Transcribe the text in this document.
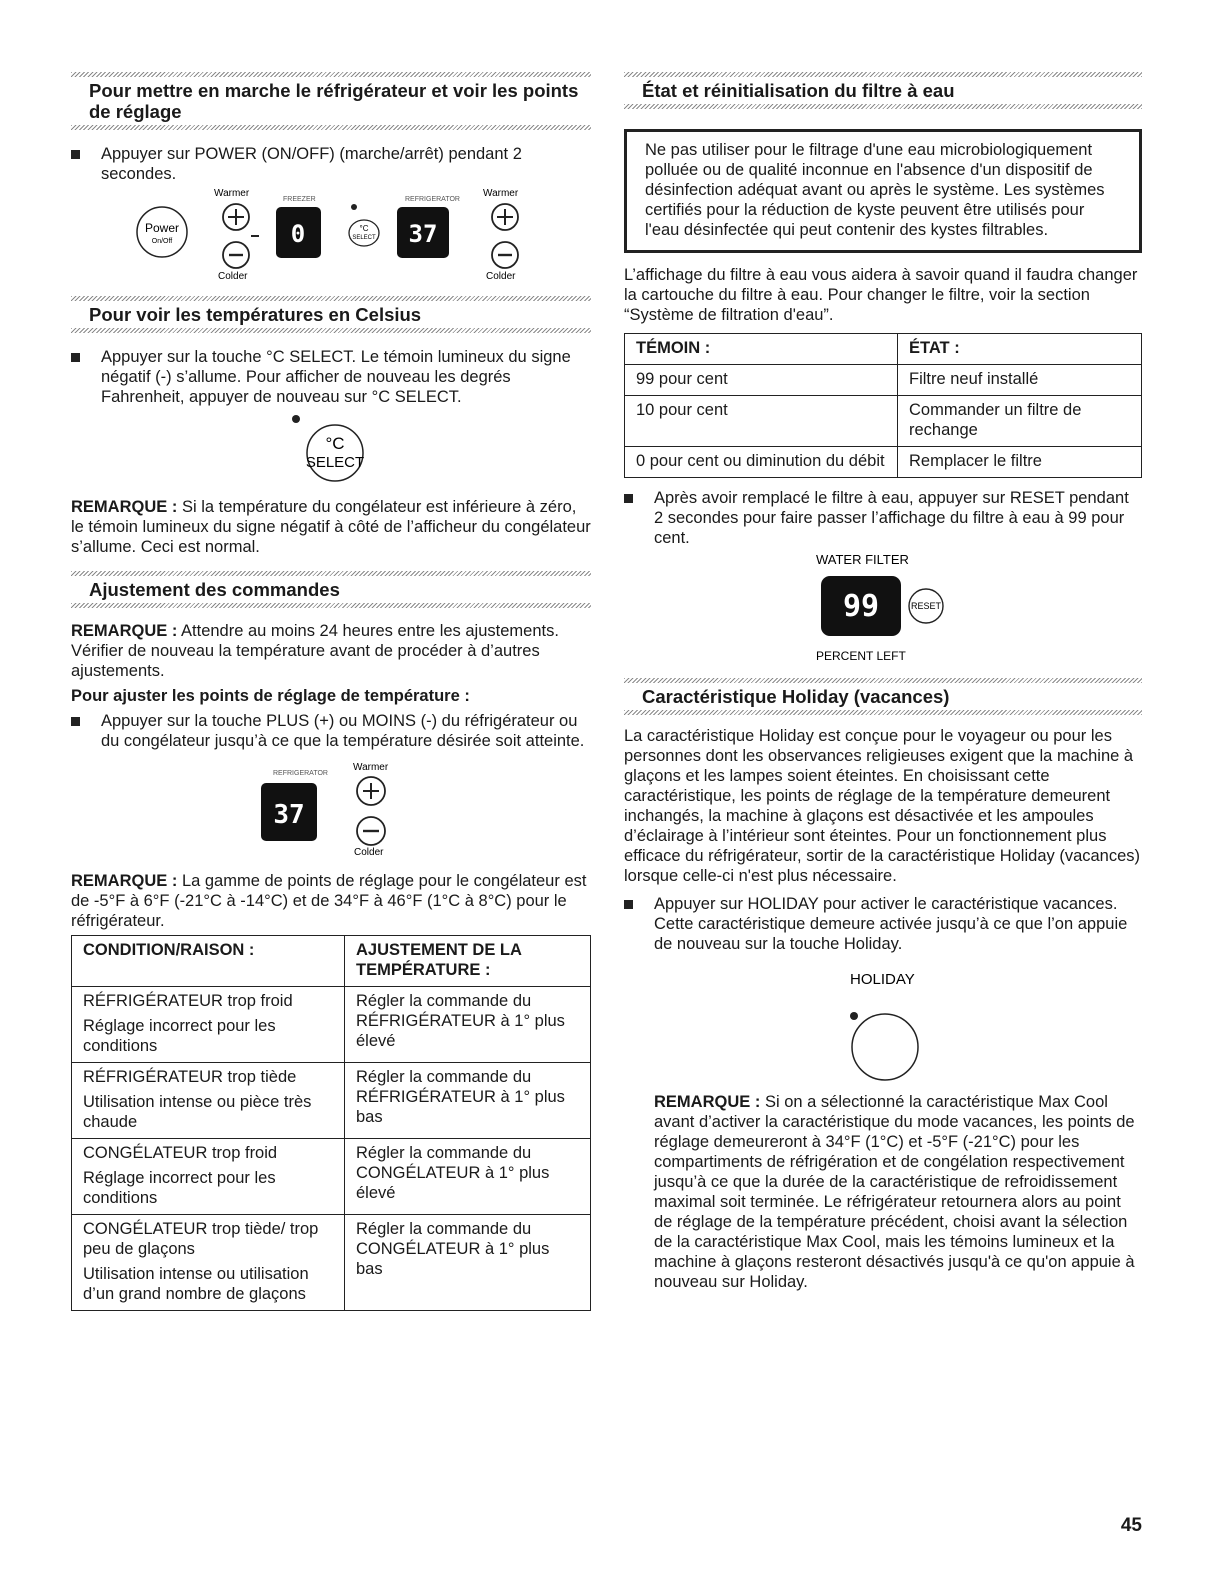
Pour mettre en marche le réfrigérateur et voir les points de réglage
Appuyer sur POWER (ON/OFF) (marche/arrêt) pendant 2 secondes.
Warmer
FREEZER	REFRIGERATOR
Warmer
Power
On/Off	0	°C
SELECT 37
Colder	Colder
Pour voir les températures en Celsius
Appuyer sur la touche °C SELECT. Le témoin lumineux du signe négatif (-) s’allume. Pour afficher de nouveau les degrés Fahrenheit, appuyer de nouveau sur °C SELECT.
°C
SELECT

REMARQUE : Si la température du congélateur est inférieure à zéro, le témoin lumineux du signe négatif à côté de l’afficheur du congélateur s’allume. Ceci est normal.

Ajustement des commandes

REMARQUE : Attendre au moins 24 heures entre les ajustements. Vérifier de nouveau la température avant de procéder à d’autres ajustements.

Pour ajuster les points de réglage de température :

Appuyer sur la touche PLUS (+) ou MOINS (-) du réfrigérateur ou du congélateur jusqu’à ce que la température désirée soit atteinte.
REFRIGERATOR
Warmer
37
Colder

REMARQUE : La gamme de points de réglage pour le congélateur est de -5°F à 6°F (-21°C à -14°C) et de 34°F à 46°F (1°C à 8°C) pour le réfrigérateur.

CONDITION/RAISON :	AJUSTEMENT DE LA TEMPÉRATURE :

RÉFRIGÉRATEUR trop froid

Réglage incorrect pour les conditions	Régler la commande du RÉFRIGÉRATEUR à 1° plus élevé

RÉFRIGÉRATEUR trop tiède

Utilisation intense ou pièce très chaude	Régler la commande du RÉFRIGÉRATEUR à 1° plus bas

CONGÉLATEUR trop froid

Réglage incorrect pour les conditions	Régler la commande du CONGÉLATEUR à 1° plus élevé

CONGÉLATEUR trop tiède/ trop peu de glaçons

Utilisation intense ou utilisation d’un grand nombre de glaçons	Régler la commande du CONGÉLATEUR à 1° plus bas
État et réinitialisation du filtre à eau
Ne pas utiliser pour le filtrage d'une eau microbiologiquement polluée ou de qualité inconnue en l'absence d'un dispositif de désinfection adéquat avant ou après le système. Les systèmes certifiés pour la réduction de kyste peuvent être utilisés pour l'eau désinfectée qui peut contenir des kystes filtrables.

L’affichage du filtre à eau vous aidera à savoir quand il faudra changer la cartouche du filtre à eau. Pour changer le filtre, voir la section “Système de filtration d'eau”.

TÉMOIN :	ÉTAT :
99 pour cent	Filtre neuf installé
10 pour cent	Commander un filtre de rechange
0 pour cent ou diminution du débit	Remplacer le filtre
Après avoir remplacé le filtre à eau, appuyer sur RESET pendant 2 secondes pour faire passer l’affichage du filtre à eau à 99 pour cent.
WATER FILTER
99	RESET
PERCENT LEFT
Caractéristique Holiday (vacances)

La caractéristique Holiday est conçue pour le voyageur ou pour les personnes dont les observances religieuses exigent que la machine à glaçons et les lampes soient éteintes. En choisissant cette caractéristique, les points de réglage de la température demeurent inchangés, la machine à glaçons est désactivée et les ampoules d’éclairage à l’intérieur sont éteintes. Pour un fonctionnement plus efficace du réfrigérateur, sortir de la caractéristique Holiday (vacances) lorsque celle-ci n'est plus nécessaire.

Appuyer sur HOLIDAY pour activer le caractéristique vacances. Cette caractéristique demeure activée jusqu’à ce que l’on appuie de nouveau sur la touche Holiday.
HOLIDAY

REMARQUE : Si on a sélectionné la caractéristique Max Cool avant d’activer la caractéristique du mode vacances, les points de réglage demeureront à 34°F (1°C) et -5°F (-21°C) pour les compartiments de réfrigération et de congélation respectivement jusqu’à ce que la durée de la caractéristique de refroidissement maximal soit terminée. Le réfrigérateur retournera alors au point de réglage de la température précédent, choisi avant la sélection de la caractéristique Max Cool, mais les témoins lumineux et la machine à glaçons resteront désactivés jusqu'à ce qu'on appuie à nouveau sur Holiday.

45
